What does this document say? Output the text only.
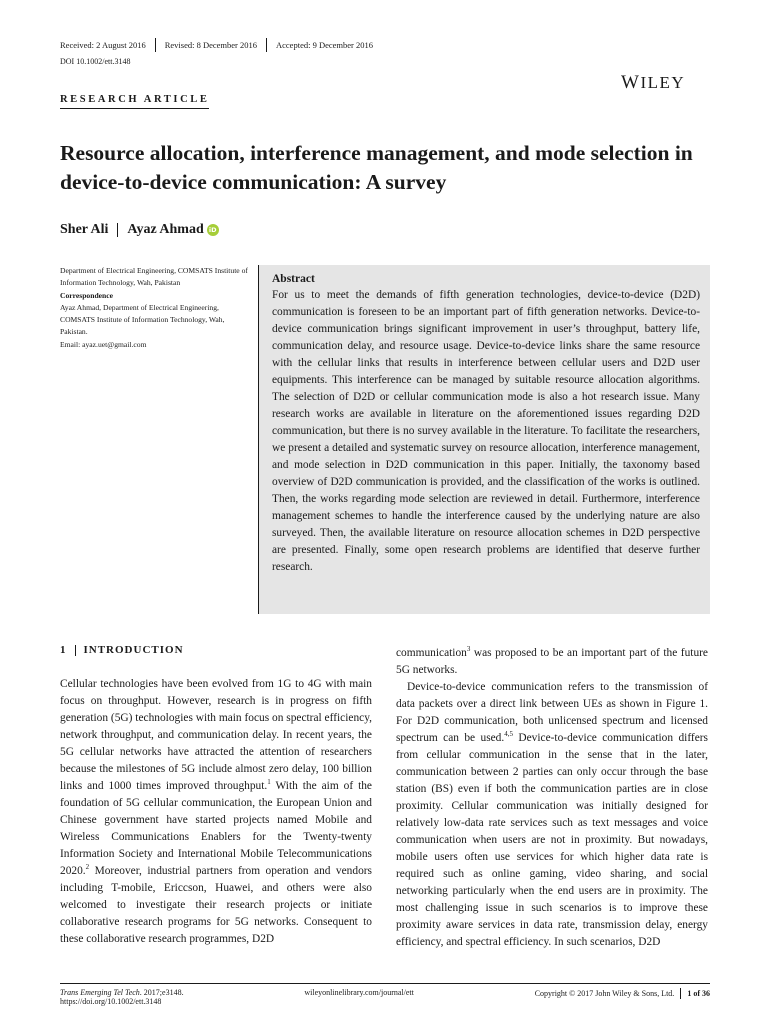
Received: 2 August 2016 Revised: 8 December 2016 Accepted: 9 December 2016
DOI 10.1002/ett.3148
WILEY
RESEARCH ARTICLE
Resource allocation, interference management, and mode selection in device-to-device communication: A survey
Sher Ali Ayaz Ahmad iD
Department of Electrical Engineering, COMSATS Institute of Information Technology, Wah, Pakistan
Correspondence
Ayaz Ahmad, Department of Electrical Engineering, COMSATS Institute of Information Technology, Wah, Pakistan.
Email: ayaz.uet@gmail.com
Abstract
For us to meet the demands of fifth generation technologies, device-to-device (D2D) communication is foreseen to be an important part of fifth generation networks. Device-to-device communication brings significant improvement in user’s throughput, battery life, communication delay, and resource usage. Device-to-device links share the same resource with the cellular links that results in interference between cellular users and D2D user equipments. This interference can be managed by suitable resource allocation algorithms. The selection of D2D or cellular communication mode is also a hot research issue. Many research works are available in literature on the aforementioned issues regarding D2D communication, but there is no survey available in the literature. To facilitate the researchers, we present a detailed and systematic survey on resource allocation, interference management, and mode selection in D2D communication in this paper. Initially, the taxonomy based overview of D2D communication is provided, and the classification of the works is outlined. Then, the works regarding mode selection are reviewed in detail. Furthermore, interference management schemes to handle the interference caused by the underlying nature are also surveyed. Then, the available literature on resource allocation schemes in D2D perspective are presented. Finally, some open research problems are identified that deserve further research.
1 INTRODUCTION

Cellular technologies have been evolved from 1G to 4G with main focus on throughput. However, research is in progress on fifth generation (5G) technologies with main focus on spectral efficiency, network throughput, and communication delay. In recent years, the 5G cellular networks have attracted the attention of researchers because the milestones of 5G include almost zero delay, 100 billion links and 1000 times improved throughput.$^1$ With the aim of the foundation of 5G cellular communication, the European Union and Chinese government have started projects named Mobile and Wireless Communications Enablers for the Twenty-twenty Information Society and International Mobile Telecommunications 2020.$^2$ Moreover, industrial partners from operation and vendors including T-mobile, Ericcson, Huawei, and others were also welcomed to investigate their research projects or initiate collaborative research programs for 5G networks. Consequent to these collaborative research programmes, D2D

communication$^3$ was proposed to be an important part of the future 5G networks.

Device-to-device communication refers to the transmission of data packets over a direct link between UEs as shown in Figure 1. For D2D communication, both unlicensed spectrum and licensed spectrum can be used.$^{4,5}$ Device-to-device communication differs from cellular communication in the sense that in the later, communication between 2 parties can only occur through the base station (BS) even if both the communication parties are in close proximity. Cellular communication was initially designed for relatively low-data rate services such as text messages and voice communication when users are not in proximity. But nowadays, mobile users often use services for which higher data rate is required such as online gaming, video sharing, and social networking particularly when the end users are in proximity. The most challenging issue in such scenarios is to improve these proximity aware services in data rate, transmission delay, energy efficiency, and spectral efficiency. In such scenarios, D2D

Trans Emerging Tel Tech. 2017;e3148.
https://doi.org/10.1002/ett.3148
wileyonlinelibrary.com/journal/ett	Copyright © 2017 John Wiley & Sons, Ltd. 1 of 36
